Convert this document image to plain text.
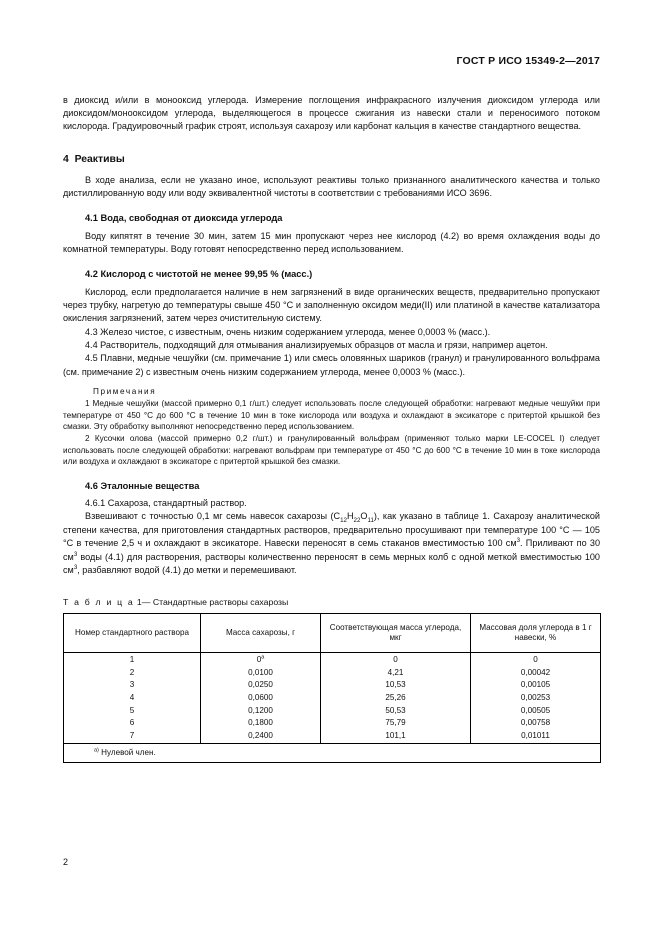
ГОСТ Р ИСО 15349-2—2017

в диоксид и/или в монооксид углерода. Измерение поглощения инфракрасного излучения диоксидом углерода или диоксидом/монооксидом углерода, выделяющегося в процессе сжигания из навески стали и переносимого потоком кислорода. Градуировочный график строят, используя сахарозу или карбонат кальция в качестве стандартного вещества.

4 Реактивы

В ходе анализа, если не указано иное, используют реактивы только признанного аналитического качества и только дистиллированную воду или воду эквивалентной чистоты в соответствии с требованиями ИСО 3696.

4.1 Вода, свободная от диоксида углерода

Воду кипятят в течение 30 мин, затем 15 мин пропускают через нее кислород (4.2) во время охлаждения воды до комнатной температуры. Воду готовят непосредственно перед использованием.

4.2 Кислород с чистотой не менее 99,95 % (масс.)

Кислород, если предполагается наличие в нем загрязнений в виде органических веществ, предварительно пропускают через трубку, нагретую до температуры свыше 450 °С и заполненную оксидом меди(II) или платиной в качестве катализатора окисления загрязнений, затем через очистительную систему.

4.3 Железо чистое, с известным, очень низким содержанием углерода, менее 0,0003 % (масс.).

4.4 Растворитель, подходящий для отмывания анализируемых образцов от масла и грязи, например ацетон.

4.5 Плавни, медные чешуйки (см. примечание 1) или смесь оловянных шариков (гранул) и гранулированного вольфрама (см. примечание 2) с известным очень низким содержанием углерода, менее 0,0003 % (масс.).

Примечания

1 Медные чешуйки (массой примерно 0,1 г/шт.) следует использовать после следующей обработки: нагревают медные чешуйки при температуре от 450 °С до 600 °С в течение 10 мин в токе кислорода или воздуха и охлаждают в эксикаторе с притертой крышкой без смазки. Эту обработку выполняют непосредственно перед использованием.

2 Кусочки олова (массой примерно 0,2 г/шт.) и гранулированный вольфрам (применяют только марки LE-COCEL I) следует использовать после следующей обработки: нагревают вольфрам при температуре от 450 °С до 600 °С в течение 10 мин в токе кислорода или воздуха и охлаждают в эксикаторе с притертой крышкой без смазки.

4.6 Эталонные вещества

4.6.1 Сахароза, стандартный раствор.

Взвешивают с точностью 0,1 мг семь навесок сахарозы $(С_{12}Н_{22}О_{11})$, как указано в таблице 1. Сахарозу аналитической степени качества, для приготовления стандартных растворов, предварительно просушивают при температуре 100 °С — 105 °С в течение 2,5 ч и охлаждают в эксикаторе. Навески переносят в семь стаканов вместимостью 100 $см^3$. Приливают по 30 $см^3$ воды (4.1) для растворения, растворы количественно переносят в семь мерных колб с одной меткой вместимостью 100 $см^3$, разбавляют водой (4.1) до метки и перемешивают.

Т а б л и ц а 1— Стандартные растворы сахарозы

Номер стандартного раствора	Масса сахарозы, г	Соответствующая масса углерода, мкг	Массовая доля углерода в 1 г навески, %
1	$0^а$	0	0
2	0,0100	4,21	0,00042
3	0,0250	10,53	0,00105
4	0,0600	25,26	0,00253
5	0,1200	50,53	0,00505
6	0,1800	75,79	0,00758
7	0,2400	101,1	0,01011
$^{а)}$ Нулевой член.			
2
